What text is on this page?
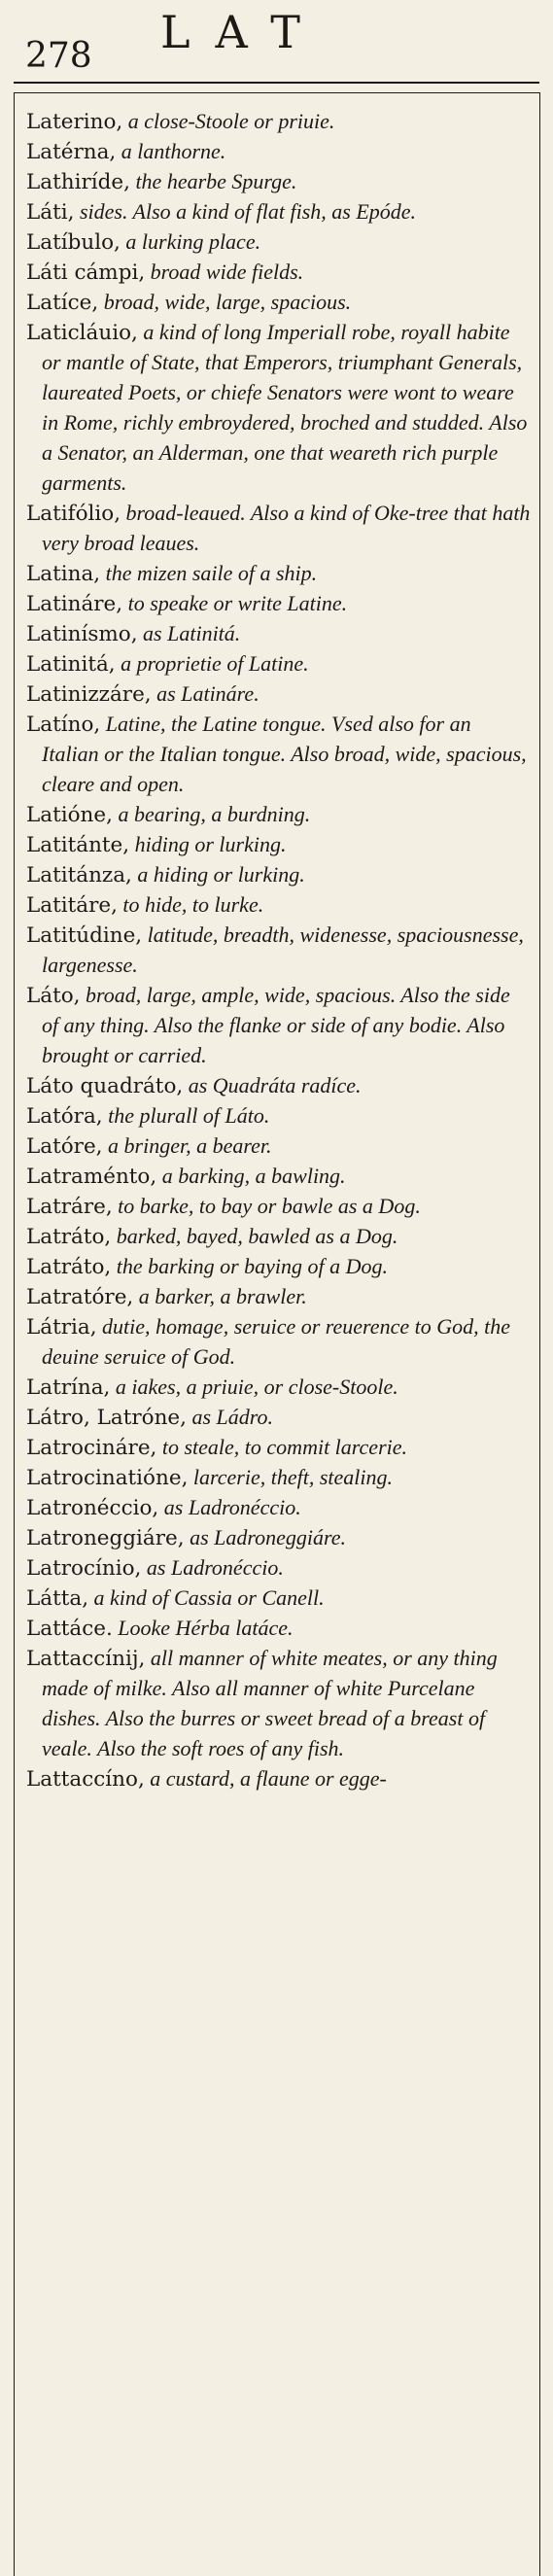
278 LAT
Laterino, a close-Stoole or priuie.
Latérna, a lanthorne.
Lathiríde, the hearbe Spurge.
Láti, sides. Also a kind of flat fish, as Epóde.
Latíbulo, a lurking place.
Láti cámpi, broad wide fields.
Latíce, broad, wide, large, spacious.
Laticláuio, a kind of long Imperiall robe, royall habite or mantle of State, that Emperors, triumphant Generals, laureated Poets, or chiefe Senators were wont to weare in Rome, richly embroydered, broched and studded. Also a Senator, an Alderman, one that weareth rich purple garments.
Latifólio, broad-leaued. Also a kind of Oke-tree that hath very broad leaues.
Latina, the mizen saile of a ship.
Latináre, to speake or write Latine.
Latinísmo, as Latinitá.
Latinitá, a proprietie of Latine.
Latinizzáre, as Latináre.
Latíno, Latine, the Latine tongue. Vsed also for an Italian or the Italian tongue. Also broad, wide, spacious, cleare and open.
Latióne, a bearing, a burdning.
Latitánte, hiding or lurking.
Latitánza, a hiding or lurking.
Latitáre, to hide, to lurke.
Latitúdine, latitude, breadth, widenesse, spaciousnesse, largenesse.
Láto, broad, large, ample, wide, spacious. Also the side of any thing. Also the flanke or side of any bodie. Also brought or carried.
Láto quadráto, as Quadráta radíce.
Latóra, the plurall of Láto.
Latóre, a bringer, a bearer.
Latraménto, a barking, a bawling.
Latráre, to barke, to bay or bawle as a Dog.
Latráto, barked, bayed, bawled as a Dog.
Latráto, the barking or baying of a Dog.
Latratóre, a barker, a brawler.
Látria, dutie, homage, seruice or reuerence to God, the deuine seruice of God.
Latrína, a iakes, a priuie, or close-Stoole.
Látro, Latróne, as Ládro.
Latrocináre, to steale, to commit larcerie.
Latrocinatióne, larcerie, theft, stealing.
Latronéccio, as Ladronéccio.
Latroneggiáre, as Ladroneggiáre.
Latrocínio, as Ladronéccio.
Látta, a kind of Cassia or Canell.
Lattáce. Looke Hérba latáce.
Lattaccínij, all manner of white meates, or any thing made of milke. Also all manner of white Purcelane dishes. Also the burres or sweet bread of a breast of veale. Also the soft roes of any fish.
Lattaccíno, a custard, a flaune or egge-
